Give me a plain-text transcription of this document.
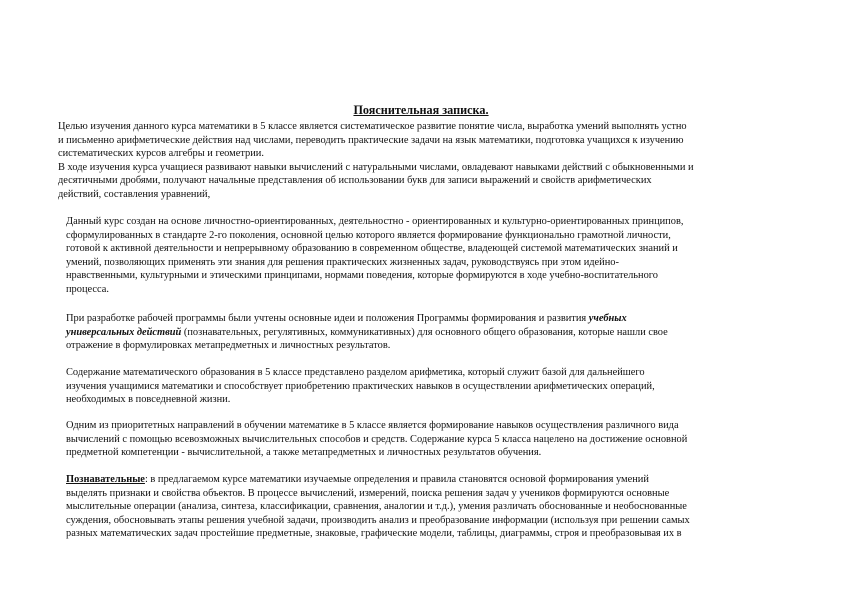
Пояснительная записка.
Целью изучения данного курса математики в 5 классе является систематическое развитие понятие числа, выработка умений выполнять устно
и письменно арифметические действия над числами, переводить практические задачи на язык математики, подготовка учащихся к изучению
систематических курсов алгебры и геометрии.
В ходе изучения курса учащиеся развивают навыки вычислений с натуральными числами, овладевают навыками действий с обыкновенными и
десятичными дробями, получают начальные представления об использовании букв для записи выражений и свойств арифметических
действий, составления уравнений,
Данный курс создан на основе личностно-ориентированных, деятельностно - ориентированных и культурно-ориентированных принципов,
сформулированных в стандарте 2-го поколения, основной целью которого является формирование функционально грамотной личности,
готовой к активной деятельности и непрерывному образованию в современном обществе, владеющей системой математических знаний и
умений, позволяющих применять эти знания для решения практических жизненных задач, руководствуясь при этом идейно-
нравственными, культурными и этическими принципами, нормами поведения, которые формируются в ходе учебно-воспитательного
процесса.
При разработке рабочей программы были учтены основные идеи и положения Программы формирования и развития учебных
универсальных действий (познавательных, регулятивных, коммуникативных) для основного общего образования, которые нашли свое
отражение в формулировках метапредметных и личностных результатов.
Содержание математического образования в 5 классе представлено разделом арифметика, который служит базой для дальнейшего
изучения учащимися математики и способствует приобретению практических навыков в осуществлении арифметических операций,
необходимых в повседневной жизни.
Одним из приоритетных направлений в обучении математике в 5 классе является формирование навыков осуществления различного вида
вычислений с помощью всевозможных вычислительных способов и средств. Содержание курса 5 класса нацелено на достижение основной
предметной компетенции - вычислительной, а также метапредметных и личностных результатов обучения.
Познавательные: в предлагаемом курсе математики изучаемые определения и правила становятся основой формирования умений
выделять признаки и свойства объектов. В процессе вычислений, измерений, поиска решения задач у учеников формируются основные
мыслительные операции (анализа, синтеза, классификации, сравнения, аналогии и т.д.), умения различать обоснованные и необоснованные
суждения, обосновывать этапы решения учебной задачи, производить анализ и преобразование информации (используя при решении самых
разных математических задач простейшие предметные, знаковые, графические модели, таблицы, диаграммы, строя и преобразовывая их в
